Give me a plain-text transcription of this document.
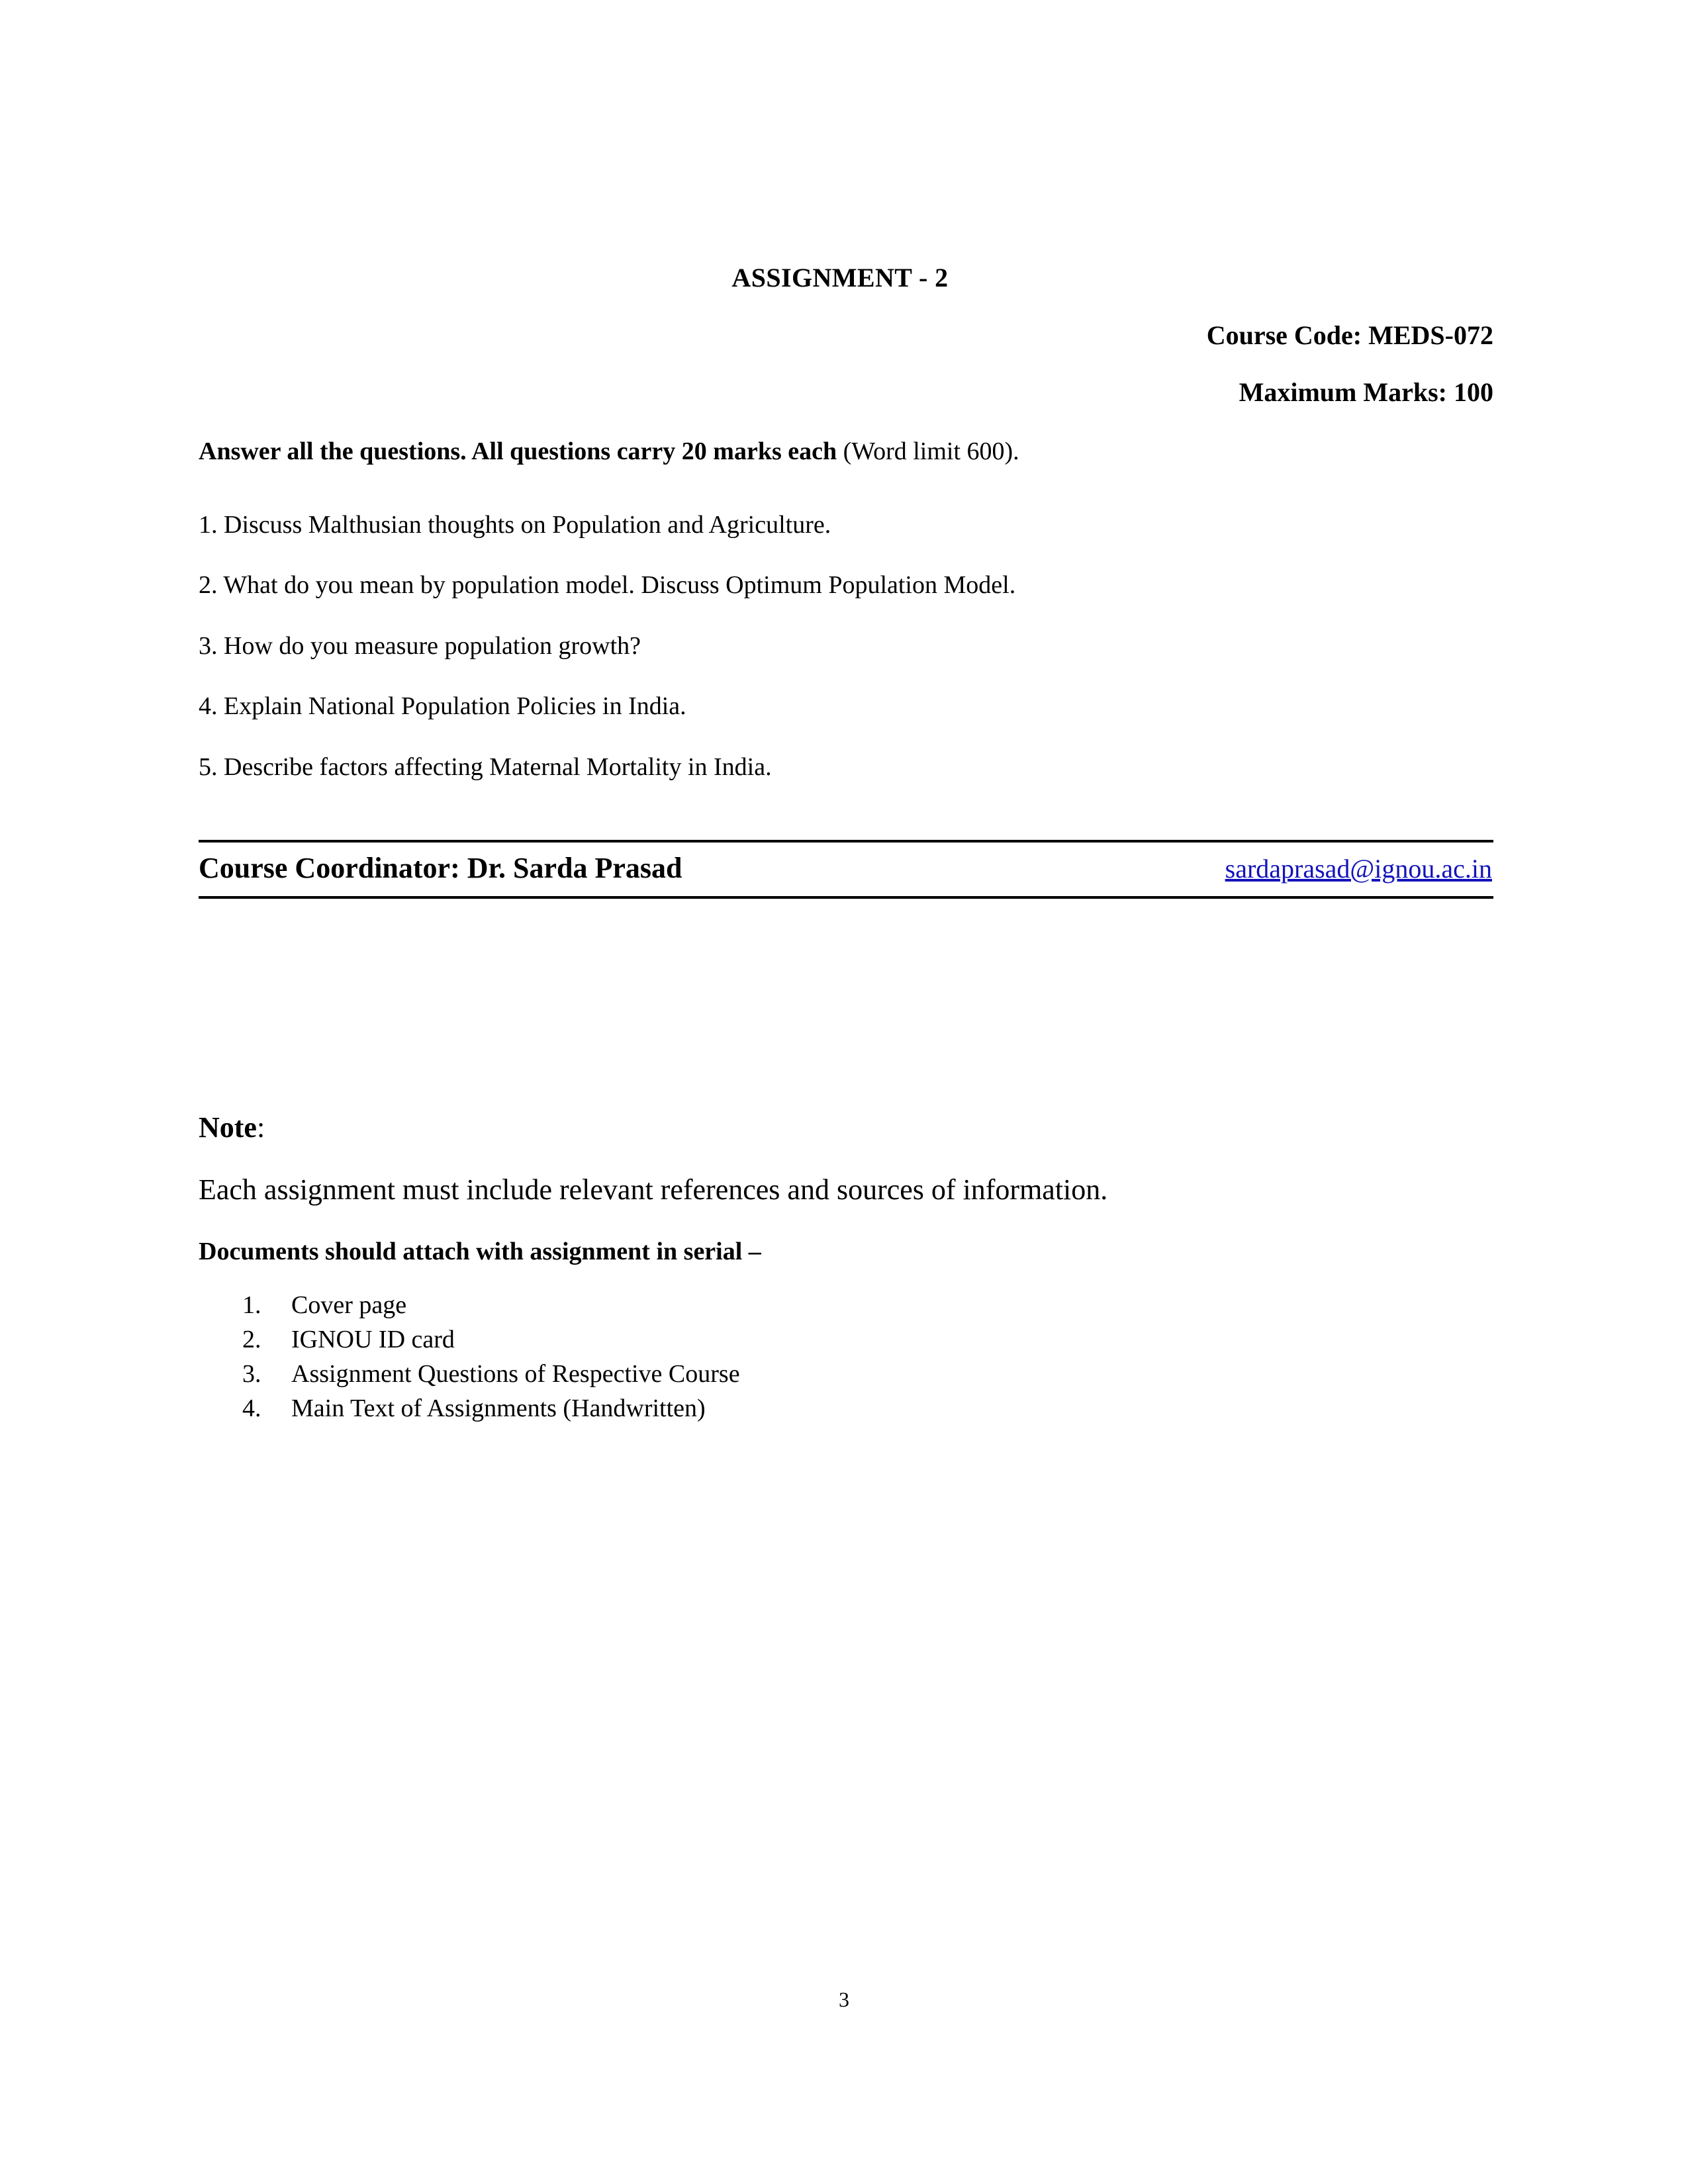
ASSIGNMENT - 2
Course Code: MEDS-072
Maximum Marks: 100

Answer all the questions. All questions carry 20 marks each (Word limit 600).

1. Discuss Malthusian thoughts on Population and Agriculture.

2. What do you mean by population model. Discuss Optimum Population Model.

3. How do you measure population growth?

4. Explain National Population Policies in India.

5. Describe factors affecting Maternal Mortality in India.

Course Coordinator: Dr. Sarda Prasad	sardaprasad@ignou.ac.in
Note:

Each assignment must include relevant references and sources of information.

Documents should attach with assignment in serial –

1.	Cover page
2.	IGNOU ID card
3.	Assignment Questions of Respective Course
4.	Main Text of Assignments (Handwritten)
3
